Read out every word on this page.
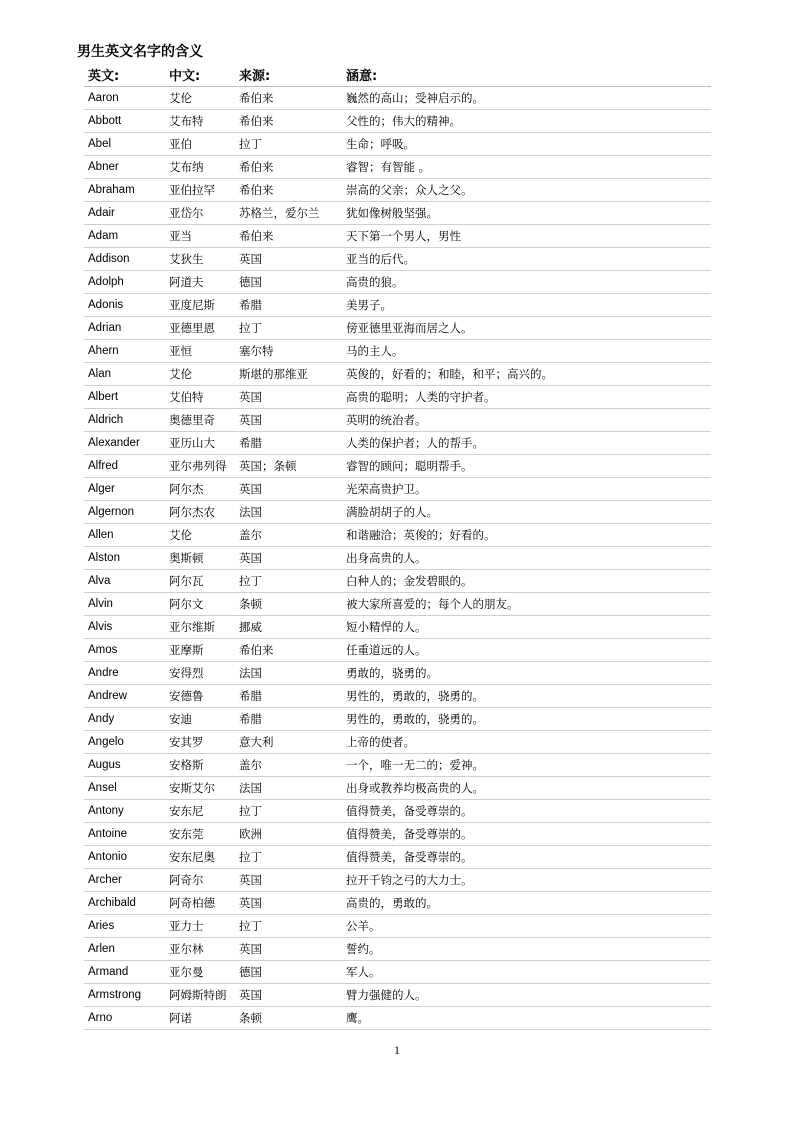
男生英文名字的含义
英文:	中文:	来源:	涵意:
Aaron	艾伦	希伯来	巍然的高山；受神启示的。
Abbott	艾布特	希伯来	父性的；伟大的精神。
Abel	亚伯	拉丁	生命；呼吸。
Abner	艾布纳	希伯来	睿智；有智能 。
Abraham	亚伯拉罕	希伯来	崇高的父亲；众人之父。
Adair	亚岱尔	苏格兰，爱尔兰	犹如像树般坚强。
Adam	亚当	希伯来	天下第一个男人，男性
Addison	艾狄生	英国	亚当的后代。
Adolph	阿道夫	德国	高贵的狼。
Adonis	亚度尼斯	希腊	美男子。
Adrian	亚德里恩	拉丁	傍亚德里亚海而居之人。
Ahern	亚恒	塞尔特	马的主人。
Alan	艾伦	斯堪的那维亚	英俊的，好看的；和睦，和平；高兴的。
Albert	艾伯特	英国	高贵的聪明；人类的守护者。
Aldrich	奥德里奇	英国	英明的统治者。
Alexander	亚历山大	希腊	人类的保护者；人的帮手。
Alfred	亚尔弗列得	英国；条顿	睿智的顾问；聪明帮手。
Alger	阿尔杰	英国	光荣高贵护卫。
Algernon	阿尔杰农	法国	满脸胡胡子的人。
Allen	艾伦	盖尔	和谐融洽；英俊的；好看的。
Alston	奥斯顿	英国	出身高贵的人。
Alva	阿尔瓦	拉丁	白种人的；金发碧眼的。
Alvin	阿尔文	条顿	被大家所喜爱的；每个人的朋友。
Alvis	亚尔维斯	挪威	短小精悍的人。
Amos	亚摩斯	希伯来	任重道远的人。
Andre	安得烈	法国	勇敢的，骁勇的。
Andrew	安德鲁	希腊	男性的，勇敢的，骁勇的。
Andy	安迪	希腊	男性的，勇敢的，骁勇的。
Angelo	安其罗	意大利	上帝的使者。
Augus	安格斯	盖尔	一个，唯一无二的；爱神。
Ansel	安斯艾尔	法国	出身或教养均极高贵的人。
Antony	安东尼	拉丁	值得赞美，备受尊崇的。
Antoine	安东莞	欧洲	值得赞美，备受尊崇的。
Antonio	安东尼奥	拉丁	值得赞美，备受尊崇的。
Archer	阿奇尔	英国	拉开千钧之弓的大力士。
Archibald	阿奇柏德	英国	高贵的，勇敢的。
Aries	亚力士	拉丁	公羊。
Arlen	亚尔林	英国	誓约。
Armand	亚尔曼	德国	军人。
Armstrong	阿姆斯特朗	英国	臂力强健的人。
Arno	阿诺	条顿	鹰。
1
